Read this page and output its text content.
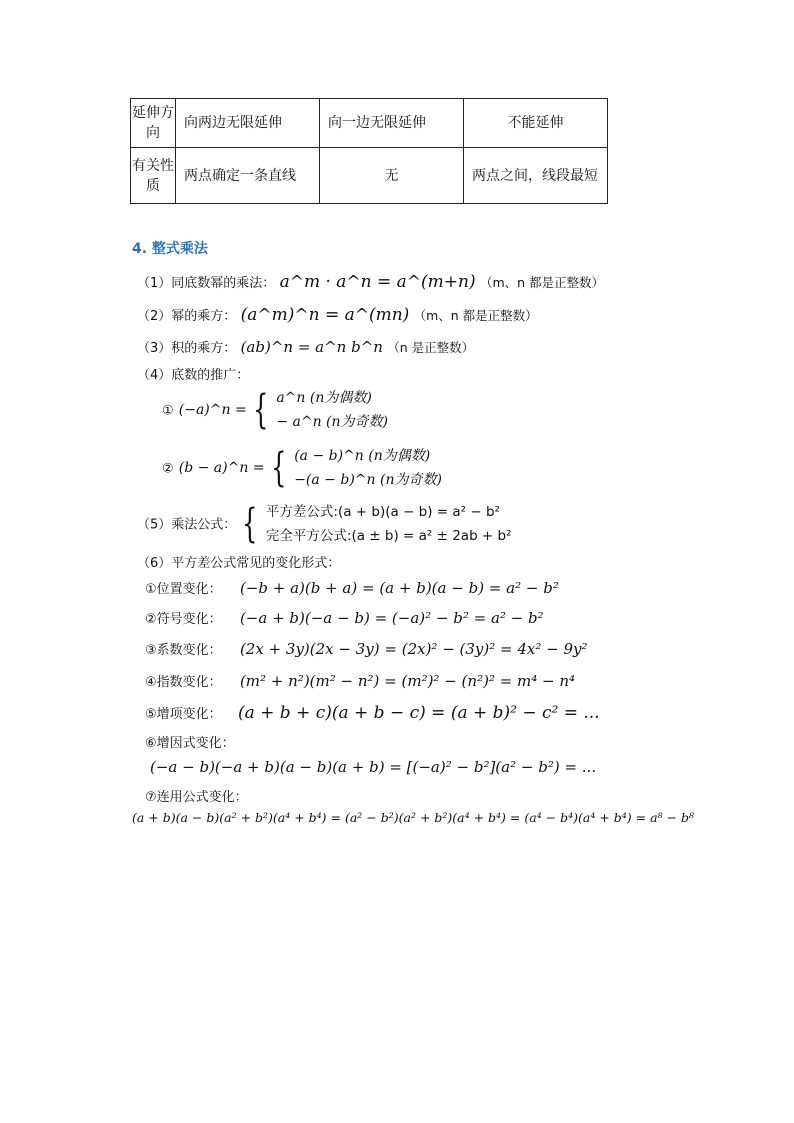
延伸方向	向两边无限延伸	向一边无限延伸	不能延伸
有关性质	两点确定一条直线	无	两点之间，线段最短
4. 整式乘法
（1）同底数幂的乘法： a^m · a^n = a^(m+n) （m、n 都是正整数）
（2）幂的乘方： (a^m)^n = a^(mn) （m、n 都是正整数）
（3）积的乘方： (ab)^n = a^n b^n （n 是正整数）
（4）底数的推广：
① (−a)^n = { a^n (n为偶数)
− a^n (n为奇数)
② (b − a)^n = { (a − b)^n (n为偶数)
−(a − b)^n (n为奇数)
（5）乘法公式： { 平方差公式:(a + b)(a − b) = a² − b²
完全平方公式:(a ± b) = a² ± 2ab + b²
（6）平方差公式常见的变化形式：
①位置变化： (−b + a)(b + a) = (a + b)(a − b) = a² − b²
②符号变化： (−a + b)(−a − b) = (−a)² − b² = a² − b²
③系数变化： (2x + 3y)(2x − 3y) = (2x)² − (3y)² = 4x² − 9y²
④指数变化： (m² + n²)(m² − n²) = (m²)² − (n²)² = m⁴ − n⁴
⑤增项变化： (a + b + c)(a + b − c) = (a + b)² − c² = ...
⑥增因式变化：
(−a − b)(−a + b)(a − b)(a + b) = [(−a)² − b²](a² − b²) = ...
⑦连用公式变化：
(a + b)(a − b)(a² + b²)(a⁴ + b⁴) = (a² − b²)(a² + b²)(a⁴ + b⁴) = (a⁴ − b⁴)(a⁴ + b⁴) = a⁸ − b⁸
